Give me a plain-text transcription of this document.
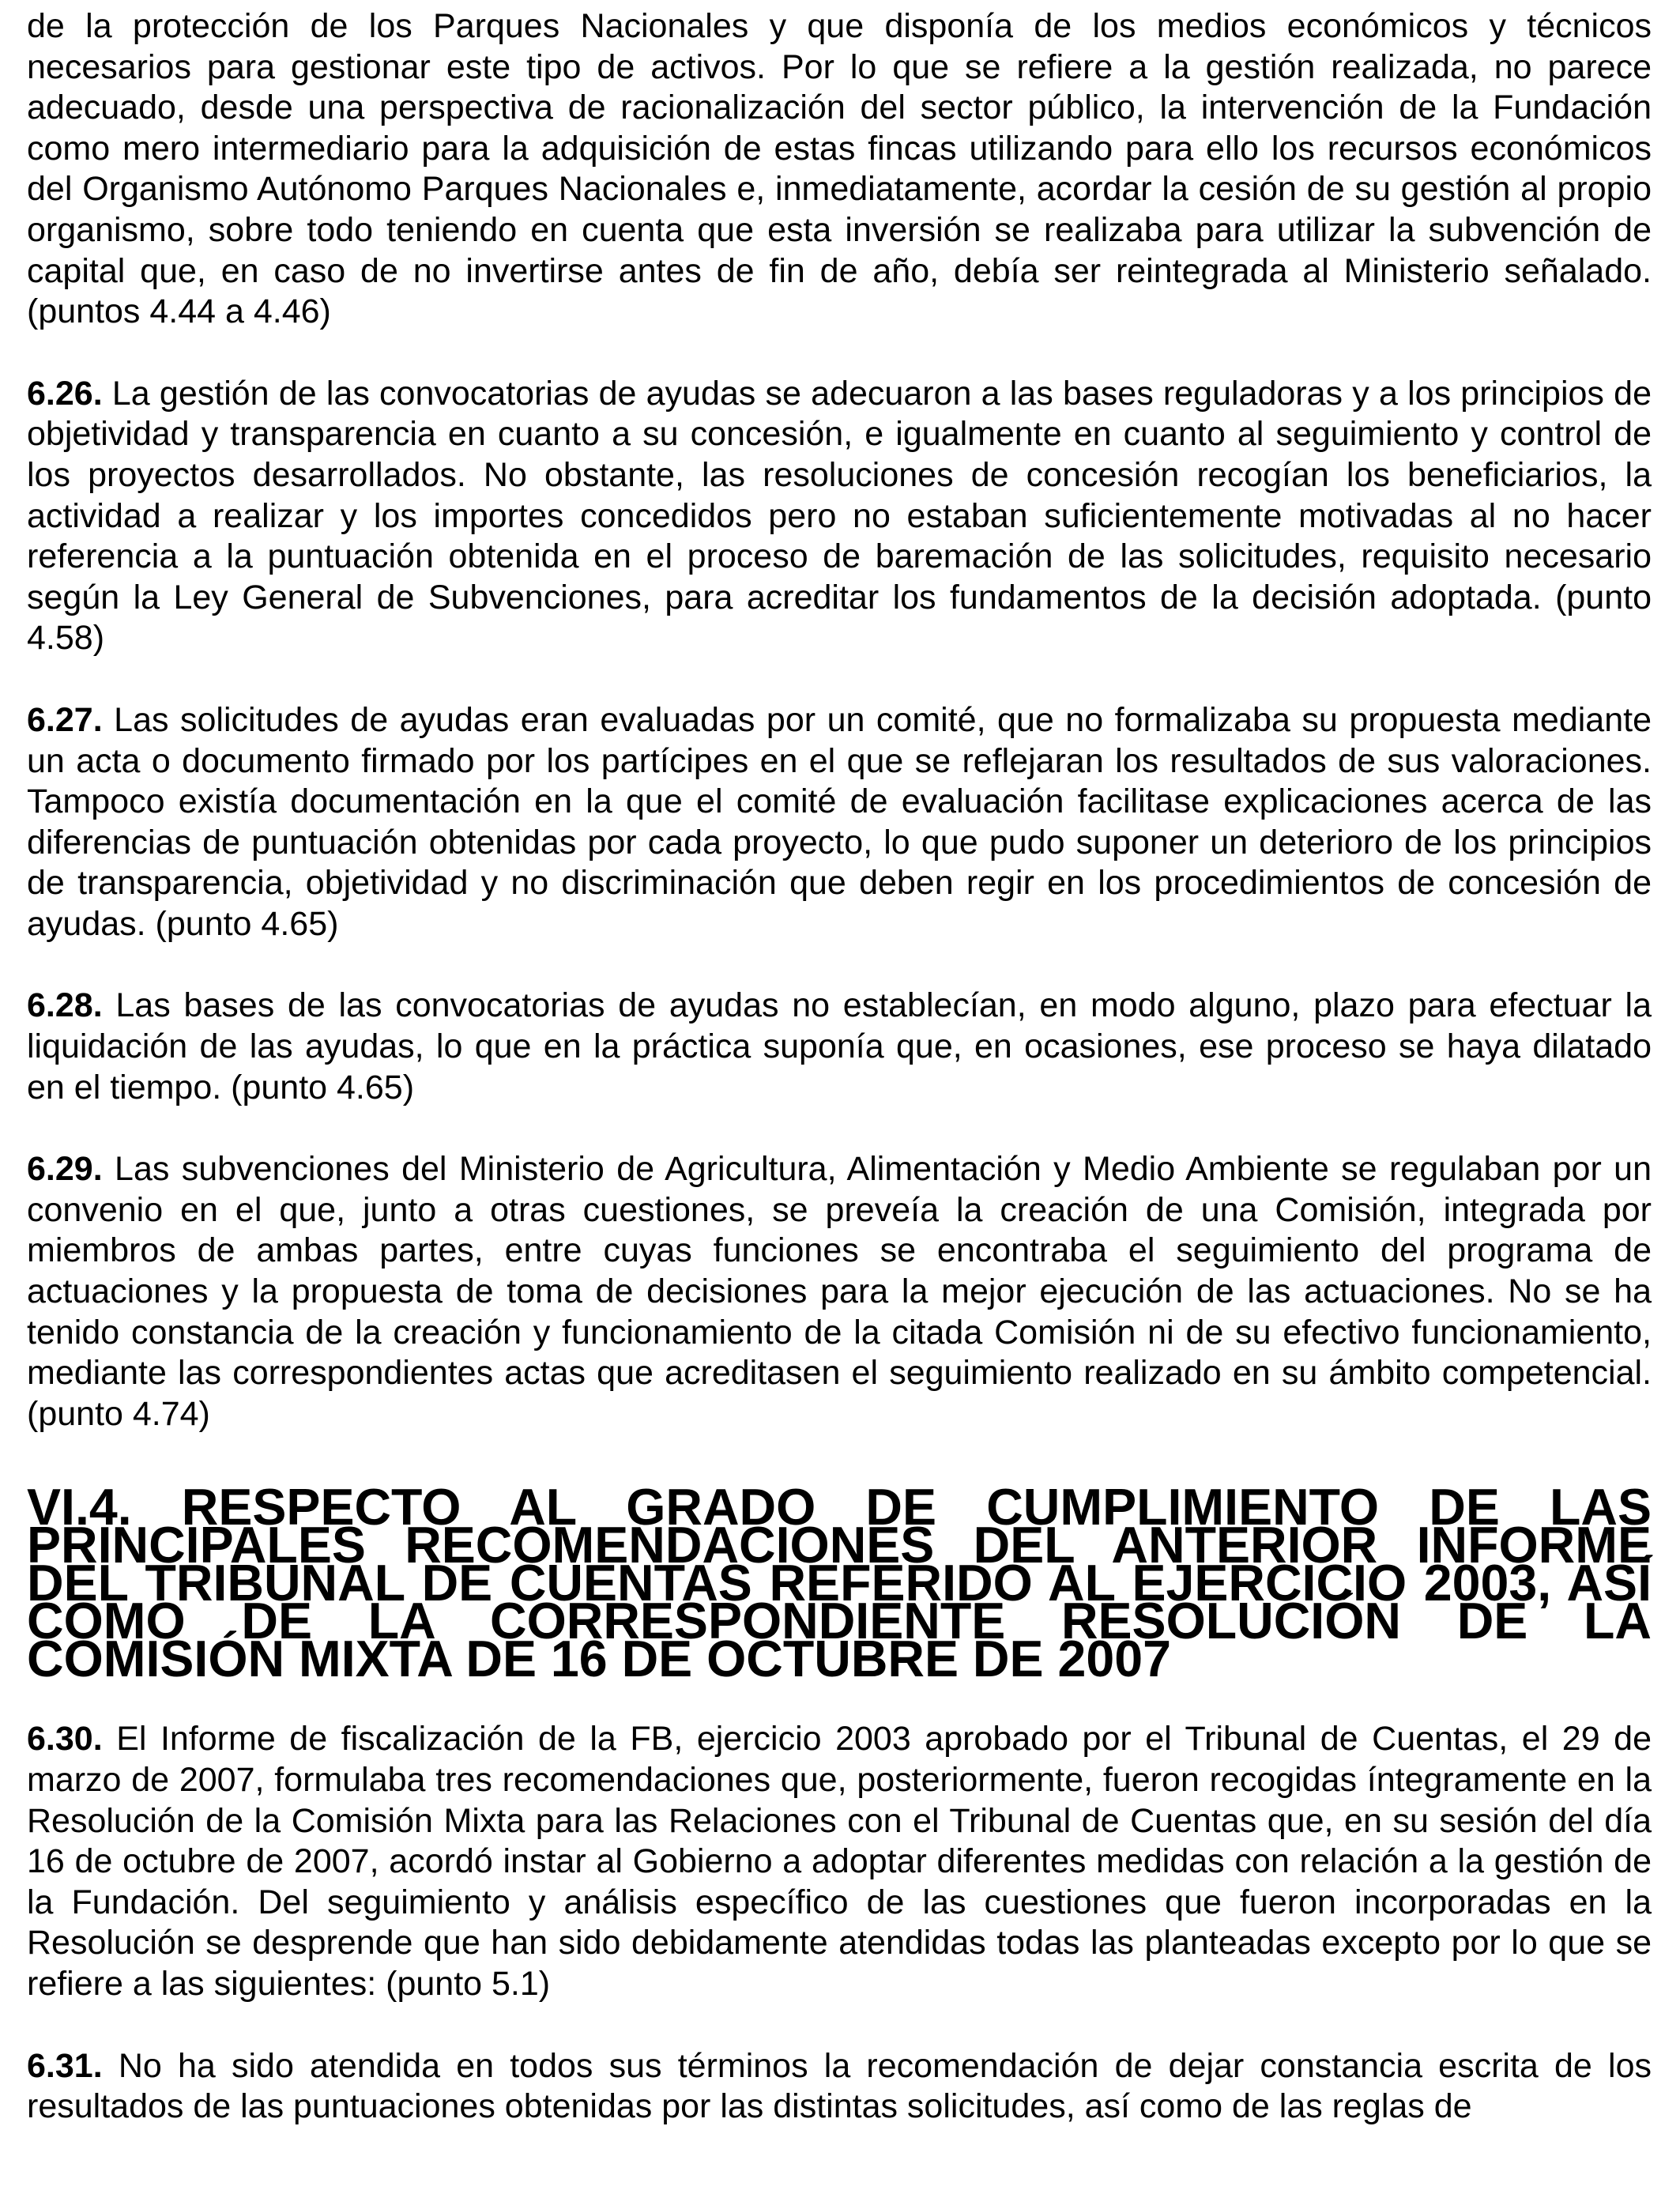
de la protección de los Parques Nacionales y que disponía de los medios económicos y técnicos necesarios para gestionar este tipo de activos. Por lo que se refiere a la gestión realizada, no parece adecuado, desde una perspectiva de racionalización del sector público, la intervención de la Fundación como mero intermediario para la adquisición de estas fincas utilizando para ello los recursos económicos del Organismo Autónomo Parques Nacionales e, inmediatamente, acordar la cesión de su gestión al propio organismo, sobre todo teniendo en cuenta que esta inversión se realizaba para utilizar la subvención de capital que, en caso de no invertirse antes de fin de año, debía ser reintegrada al Ministerio señalado. (puntos 4.44 a 4.46)

6.26. La gestión de las convocatorias de ayudas se adecuaron a las bases reguladoras y a los principios de objetividad y transparencia en cuanto a su concesión, e igualmente en cuanto al seguimiento y control de los proyectos desarrollados. No obstante, las resoluciones de concesión recogían los beneficiarios, la actividad a realizar y los importes concedidos pero no estaban suficientemente motivadas al no hacer referencia a la puntuación obtenida en el proceso de baremación de las solicitudes, requisito necesario según la Ley General de Subvenciones, para acreditar los fundamentos de la decisión adoptada. (punto 4.58)

6.27. Las solicitudes de ayudas eran evaluadas por un comité, que no formalizaba su propuesta mediante un acta o documento firmado por los partícipes en el que se reflejaran los resultados de sus valoraciones. Tampoco existía documentación en la que el comité de evaluación facilitase explicaciones acerca de las diferencias de puntuación obtenidas por cada proyecto, lo que pudo suponer un deterioro de los principios de transparencia, objetividad y no discriminación que deben regir en los procedimientos de concesión de ayudas. (punto 4.65)

6.28. Las bases de las convocatorias de ayudas no establecían, en modo alguno, plazo para efectuar la liquidación de las ayudas, lo que en la práctica suponía que, en ocasiones, ese proceso se haya dilatado en el tiempo. (punto 4.65)

6.29. Las subvenciones del Ministerio de Agricultura, Alimentación y Medio Ambiente se regulaban por un convenio en el que, junto a otras cuestiones, se preveía la creación de una Comisión, integrada por miembros de ambas partes, entre cuyas funciones se encontraba el seguimiento del programa de actuaciones y la propuesta de toma de decisiones para la mejor ejecución de las actuaciones. No se ha tenido constancia de la creación y funcionamiento de la citada Comisión ni de su efectivo funcionamiento, mediante las correspondientes actas que acreditasen el seguimiento realizado en su ámbito competencial. (punto 4.74)

VI.4. RESPECTO AL GRADO DE CUMPLIMIENTO DE LAS PRINCIPALES RECOMENDACIONES DEL ANTERIOR INFORME DEL TRIBUNAL DE CUENTAS REFERIDO AL EJERCICIO 2003, ASÍ COMO DE LA CORRESPONDIENTE RESOLUCIÓN DE LA COMISIÓN MIXTA DE 16 DE OCTUBRE DE 2007

6.30. El Informe de fiscalización de la FB, ejercicio 2003 aprobado por el Tribunal de Cuentas, el 29 de marzo de 2007, formulaba tres recomendaciones que, posteriormente, fueron recogidas íntegramente en la Resolución de la Comisión Mixta para las Relaciones con el Tribunal de Cuentas que, en su sesión del día 16 de octubre de 2007, acordó instar al Gobierno a adoptar diferentes medidas con relación a la gestión de la Fundación. Del seguimiento y análisis específico de las cuestiones que fueron incorporadas en la Resolución se desprende que han sido debidamente atendidas todas las planteadas excepto por lo que se refiere a las siguientes: (punto 5.1)

6.31. No ha sido atendida en todos sus términos la recomendación de dejar constancia escrita de los resultados de las puntuaciones obtenidas por las distintas solicitudes, así como de las reglas de
